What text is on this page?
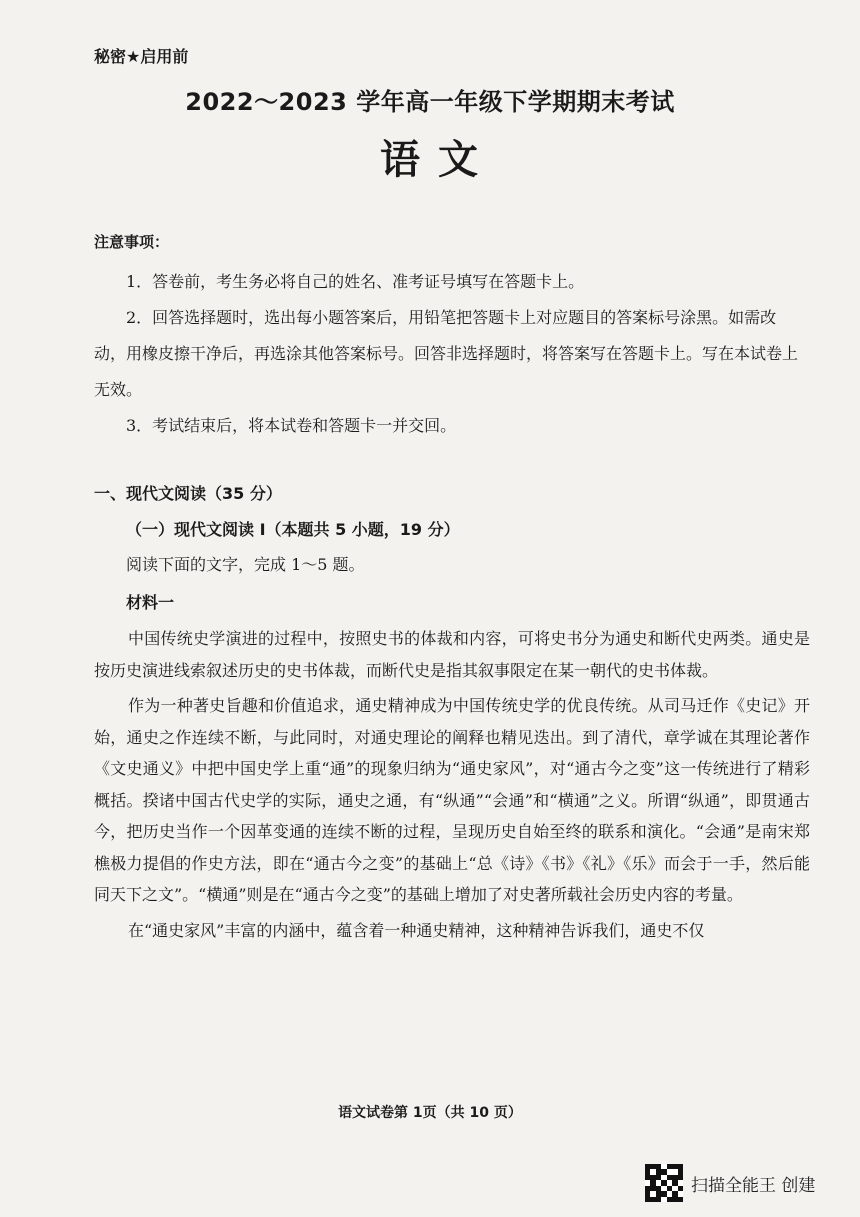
秘密★启用前
2022～2023 学年高一年级下学期期末考试
语 文
注意事项：

1．答卷前，考生务必将自己的姓名、准考证号填写在答题卡上。

2．回答选择题时，选出每小题答案后，用铅笔把答题卡上对应题目的答案标号涂黑。如需改动，用橡皮擦干净后，再选涂其他答案标号。回答非选择题时，将答案写在答题卡上。写在本试卷上无效。

3．考试结束后，将本试卷和答题卡一并交回。

一、现代文阅读（35 分）
（一）现代文阅读 I（本题共 5 小题，19 分）
阅读下面的文字，完成 1～5 题。
材料一

中国传统史学演进的过程中，按照史书的体裁和内容，可将史书分为通史和断代史两类。通史是按历史演进线索叙述历史的史书体裁，而断代史是指其叙事限定在某一朝代的史书体裁。

作为一种著史旨趣和价值追求，通史精神成为中国传统史学的优良传统。从司马迁作《史记》开始，通史之作连续不断，与此同时，对通史理论的阐释也精见迭出。到了清代，章学诚在其理论著作《文史通义》中把中国史学上重“通”的现象归纳为“通史家风”，对“通古今之变”这一传统进行了精彩概括。揆诸中国古代史学的实际，通史之通，有“纵通”“会通”和“横通”之义。所谓“纵通”，即贯通古今，把历史当作一个因革变通的连续不断的过程，呈现历史自始至终的联系和演化。“会通”是南宋郑樵极力提倡的作史方法，即在“通古今之变”的基础上“总《诗》《书》《礼》《乐》而会于一手，然后能同天下之文”。“横通”则是在“通古今之变”的基础上增加了对史著所载社会历史内容的考量。

在“通史家风”丰富的内涵中，蕴含着一种通史精神，这种精神告诉我们，通史不仅

语文试卷第 1页（共 10 页）
扫描全能王 创建
